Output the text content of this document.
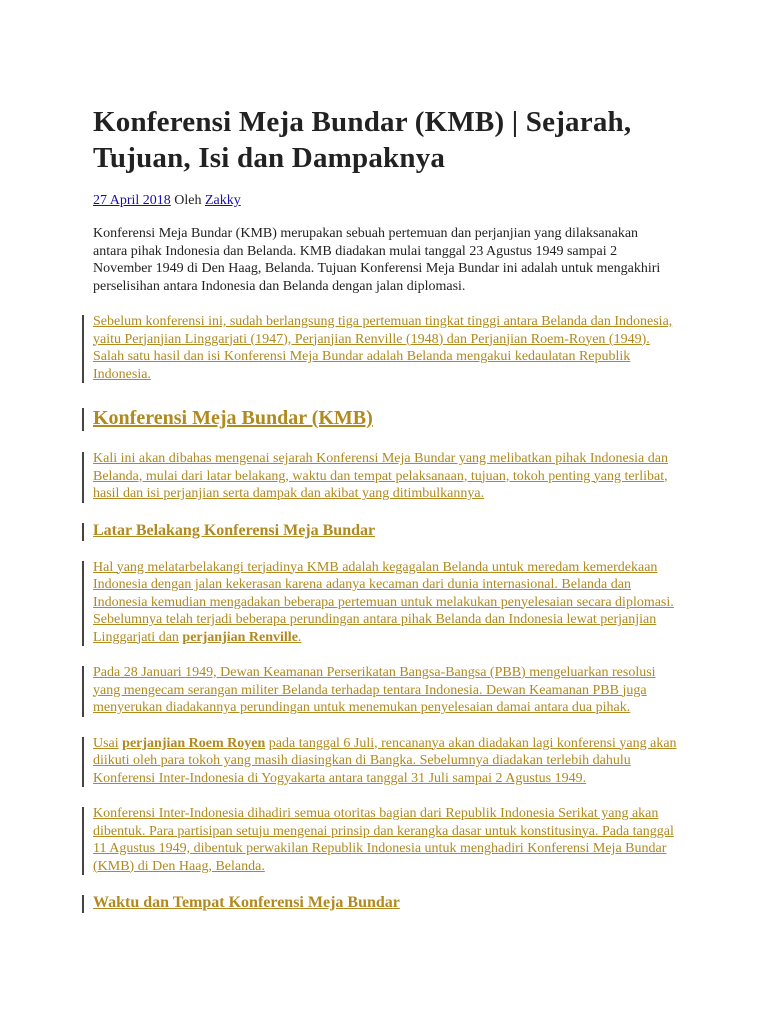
Konferensi Meja Bundar (KMB) | Sejarah, Tujuan, Isi dan Dampaknya
27 April 2018 Oleh Zakky
Konferensi Meja Bundar (KMB) merupakan sebuah pertemuan dan perjanjian yang dilaksanakan antara pihak Indonesia dan Belanda. KMB diadakan mulai tanggal 23 Agustus 1949 sampai 2 November 1949 di Den Haag, Belanda. Tujuan Konferensi Meja Bundar ini adalah untuk mengakhiri perselisihan antara Indonesia dan Belanda dengan jalan diplomasi.
Sebelum konferensi ini, sudah berlangsung tiga pertemuan tingkat tinggi antara Belanda dan Indonesia, yaitu Perjanjian Linggarjati (1947), Perjanjian Renville (1948) dan Perjanjian Roem-Royen (1949). Salah satu hasil dan isi Konferensi Meja Bundar adalah Belanda mengakui kedaulatan Republik Indonesia.
Konferensi Meja Bundar (KMB)
Kali ini akan dibahas mengenai sejarah Konferensi Meja Bundar yang melibatkan pihak Indonesia dan Belanda, mulai dari latar belakang, waktu dan tempat pelaksanaan, tujuan, tokoh penting yang terlibat, hasil dan isi perjanjian serta dampak dan akibat yang ditimbulkannya.
Latar Belakang Konferensi Meja Bundar
Hal yang melatarbelakangi terjadinya KMB adalah kegagalan Belanda untuk meredam kemerdekaan Indonesia dengan jalan kekerasan karena adanya kecaman dari dunia internasional. Belanda dan Indonesia kemudian mengadakan beberapa pertemuan untuk melakukan penyelesaian secara diplomasi. Sebelumnya telah terjadi beberapa perundingan antara pihak Belanda dan Indonesia lewat perjanjian Linggarjati dan perjanjian Renville.
Pada 28 Januari 1949, Dewan Keamanan Perserikatan Bangsa-Bangsa (PBB) mengeluarkan resolusi yang mengecam serangan militer Belanda terhadap tentara Indonesia. Dewan Keamanan PBB juga menyerukan diadakannya perundingan untuk menemukan penyelesaian damai antara dua pihak.
Usai perjanjian Roem Royen pada tanggal 6 Juli, rencananya akan diadakan lagi konferensi yang akan diikuti oleh para tokoh yang masih diasingkan di Bangka. Sebelumnya diadakan terlebih dahulu Konferensi Inter-Indonesia di Yogyakarta antara tanggal 31 Juli sampai 2 Agustus 1949.
Konferensi Inter-Indonesia dihadiri semua otoritas bagian dari Republik Indonesia Serikat yang akan dibentuk. Para partisipan setuju mengenai prinsip dan kerangka dasar untuk konstitusinya. Pada tanggal 11 Agustus 1949, dibentuk perwakilan Republik Indonesia untuk menghadiri Konferensi Meja Bundar (KMB) di Den Haag, Belanda.
Waktu dan Tempat Konferensi Meja Bundar
